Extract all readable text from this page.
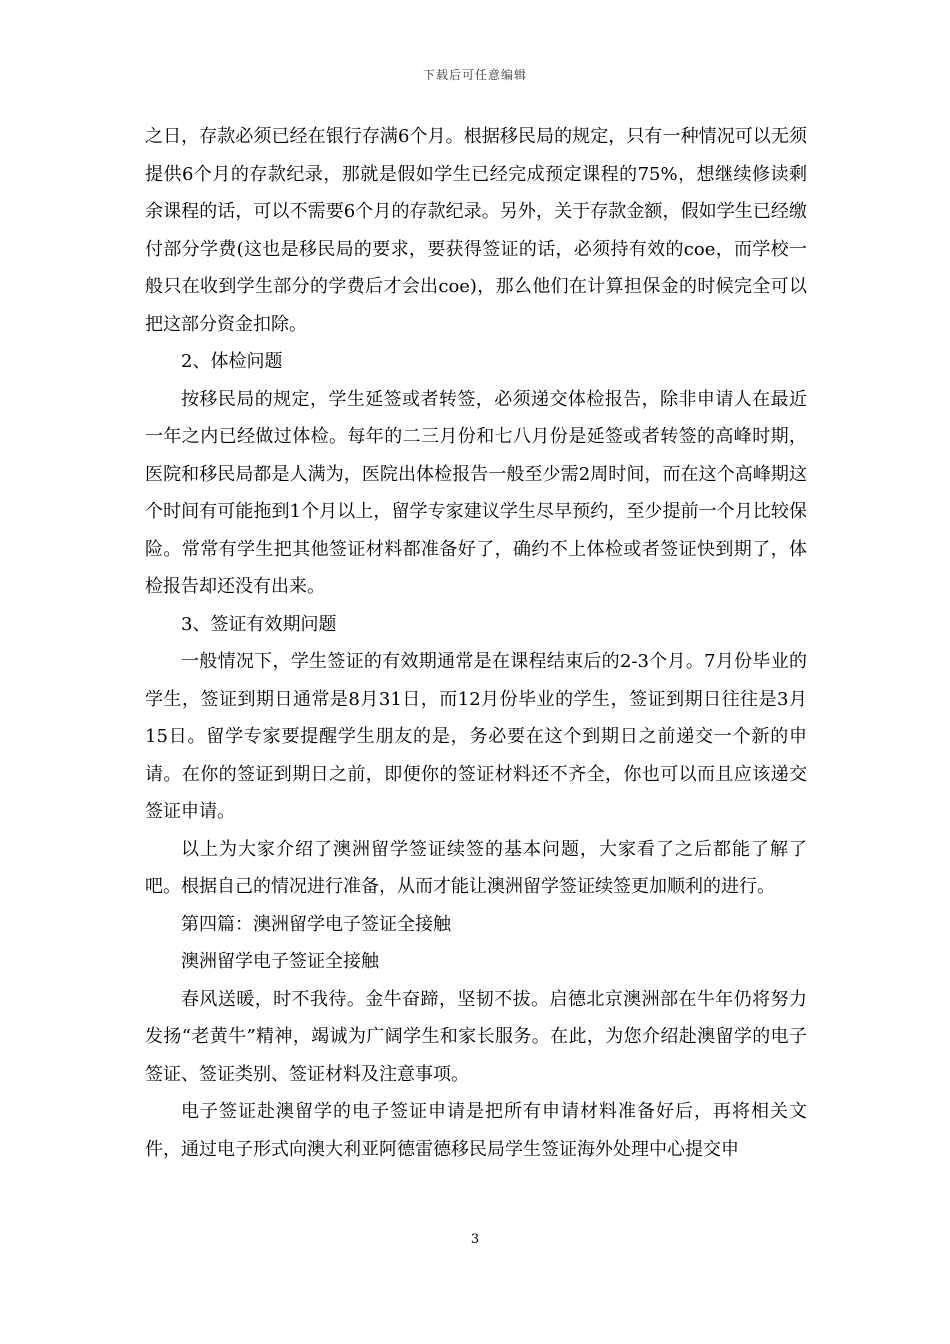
下载后可任意编辑

之日，存款必须已经在银行存满6个月。根据移民局的规定，只有一种情况可以无须提供6个月的存款纪录，那就是假如学生已经完成预定课程的75%，想继续修读剩余课程的话，可以不需要6个月的存款纪录。另外，关于存款金额，假如学生已经缴付部分学费(这也是移民局的要求，要获得签证的话，必须持有效的coe，而学校一般只在收到学生部分的学费后才会出coe)，那么他们在计算担保金的时候完全可以把这部分资金扣除。

2、体检问题

按移民局的规定，学生延签或者转签，必须递交体检报告，除非申请人在最近一年之内已经做过体检。每年的二三月份和七八月份是延签或者转签的高峰时期，医院和移民局都是人满为，医院出体检报告一般至少需2周时间，而在这个高峰期这个时间有可能拖到1个月以上，留学专家建议学生尽早预约，至少提前一个月比较保险。常常有学生把其他签证材料都准备好了，确约不上体检或者签证快到期了，体检报告却还没有出来。

3、签证有效期问题

一般情况下，学生签证的有效期通常是在课程结束后的2-3个月。7月份毕业的学生，签证到期日通常是8月31日，而12月份毕业的学生，签证到期日往往是3月15日。留学专家要提醒学生朋友的是，务必要在这个到期日之前递交一个新的申请。在你的签证到期日之前，即便你的签证材料还不齐全，你也可以而且应该递交签证申请。

以上为大家介绍了澳洲留学签证续签的基本问题，大家看了之后都能了解了吧。根据自己的情况进行准备，从而才能让澳洲留学签证续签更加顺利的进行。

第四篇：澳洲留学电子签证全接触

澳洲留学电子签证全接触

春风送暖，时不我待。金牛奋蹄，坚韧不拔。启德北京澳洲部在牛年仍将努力发扬“老黄牛”精神，竭诚为广阔学生和家长服务。在此，为您介绍赴澳留学的电子签证、签证类别、签证材料及注意事项。

电子签证赴澳留学的电子签证申请是把所有申请材料准备好后，再将相关文件，通过电子形式向澳大利亚阿德雷德移民局学生签证海外处理中心提交申

3
